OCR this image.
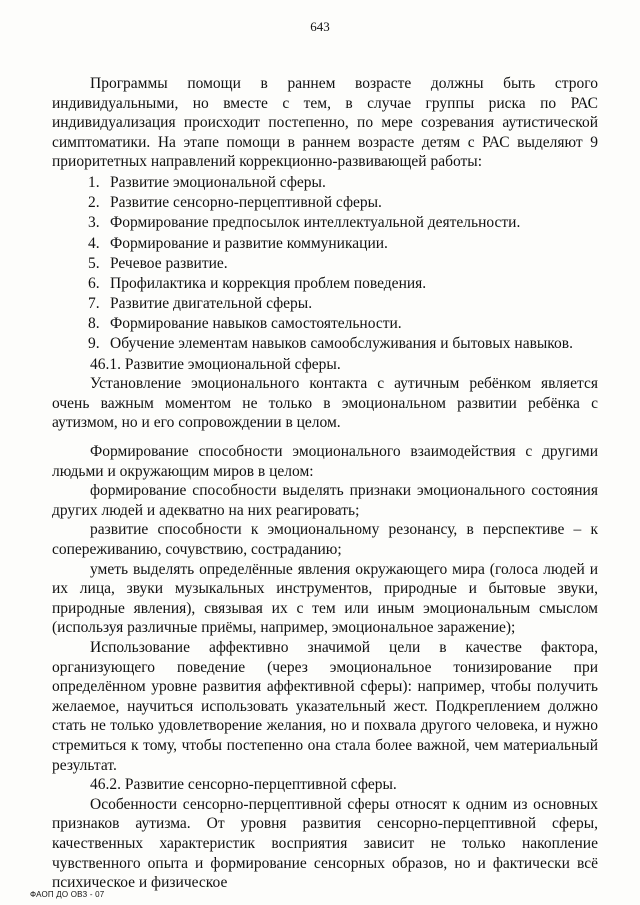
643

Программы помощи в раннем возрасте должны быть строго индивидуальными, но вместе с тем, в случае группы риска по РАС индивидуализация происходит постепенно, по мере созревания аутистической симптоматики. На этапе помощи в раннем возрасте детям с РАС выделяют 9 приоритетных направлений коррекционно-развивающей работы:

1. Развитие эмоциональной сферы.
2. Развитие сенсорно-перцептивной сферы.
3. Формирование предпосылок интеллектуальной деятельности.
4. Формирование и развитие коммуникации.
5. Речевое развитие.
6. Профилактика и коррекция проблем поведения.
7. Развитие двигательной сферы.
8. Формирование навыков самостоятельности.
9. Обучение элементам навыков самообслуживания и бытовых навыков.

46.1. Развитие эмоциональной сферы.

Установление эмоционального контакта с аутичным ребёнком является очень важным моментом не только в эмоциональном развитии ребёнка с аутизмом, но и его сопровождении в целом.

Формирование способности эмоционального взаимодействия с другими людьми и окружающим миров в целом:

формирование способности выделять признаки эмоционального состояния других людей и адекватно на них реагировать;

развитие способности к эмоциональному резонансу, в перспективе – к сопереживанию, сочувствию, состраданию;

уметь выделять определённые явления окружающего мира (голоса людей и их лица, звуки музыкальных инструментов, природные и бытовые звуки, природные явления), связывая их с тем или иным эмоциональным смыслом (используя различные приёмы, например, эмоциональное заражение);

Использование аффективно значимой цели в качестве фактора, организующего поведение (через эмоциональное тонизирование при определённом уровне развития аффективной сферы): например, чтобы получить желаемое, научиться использовать указательный жест. Подкреплением должно стать не только удовлетворение желания, но и похвала другого человека, и нужно стремиться к тому, чтобы постепенно она стала более важной, чем материальный результат.

46.2. Развитие сенсорно-перцептивной сферы.

Особенности сенсорно-перцептивной сферы относят к одним из основных признаков аутизма. От уровня развития сенсорно-перцептивной сферы, качественных характеристик восприятия зависит не только накопление чувственного опыта и формирование сенсорных образов, но и фактически всё психическое и физическое

ФАОП ДО ОВЗ - 07
